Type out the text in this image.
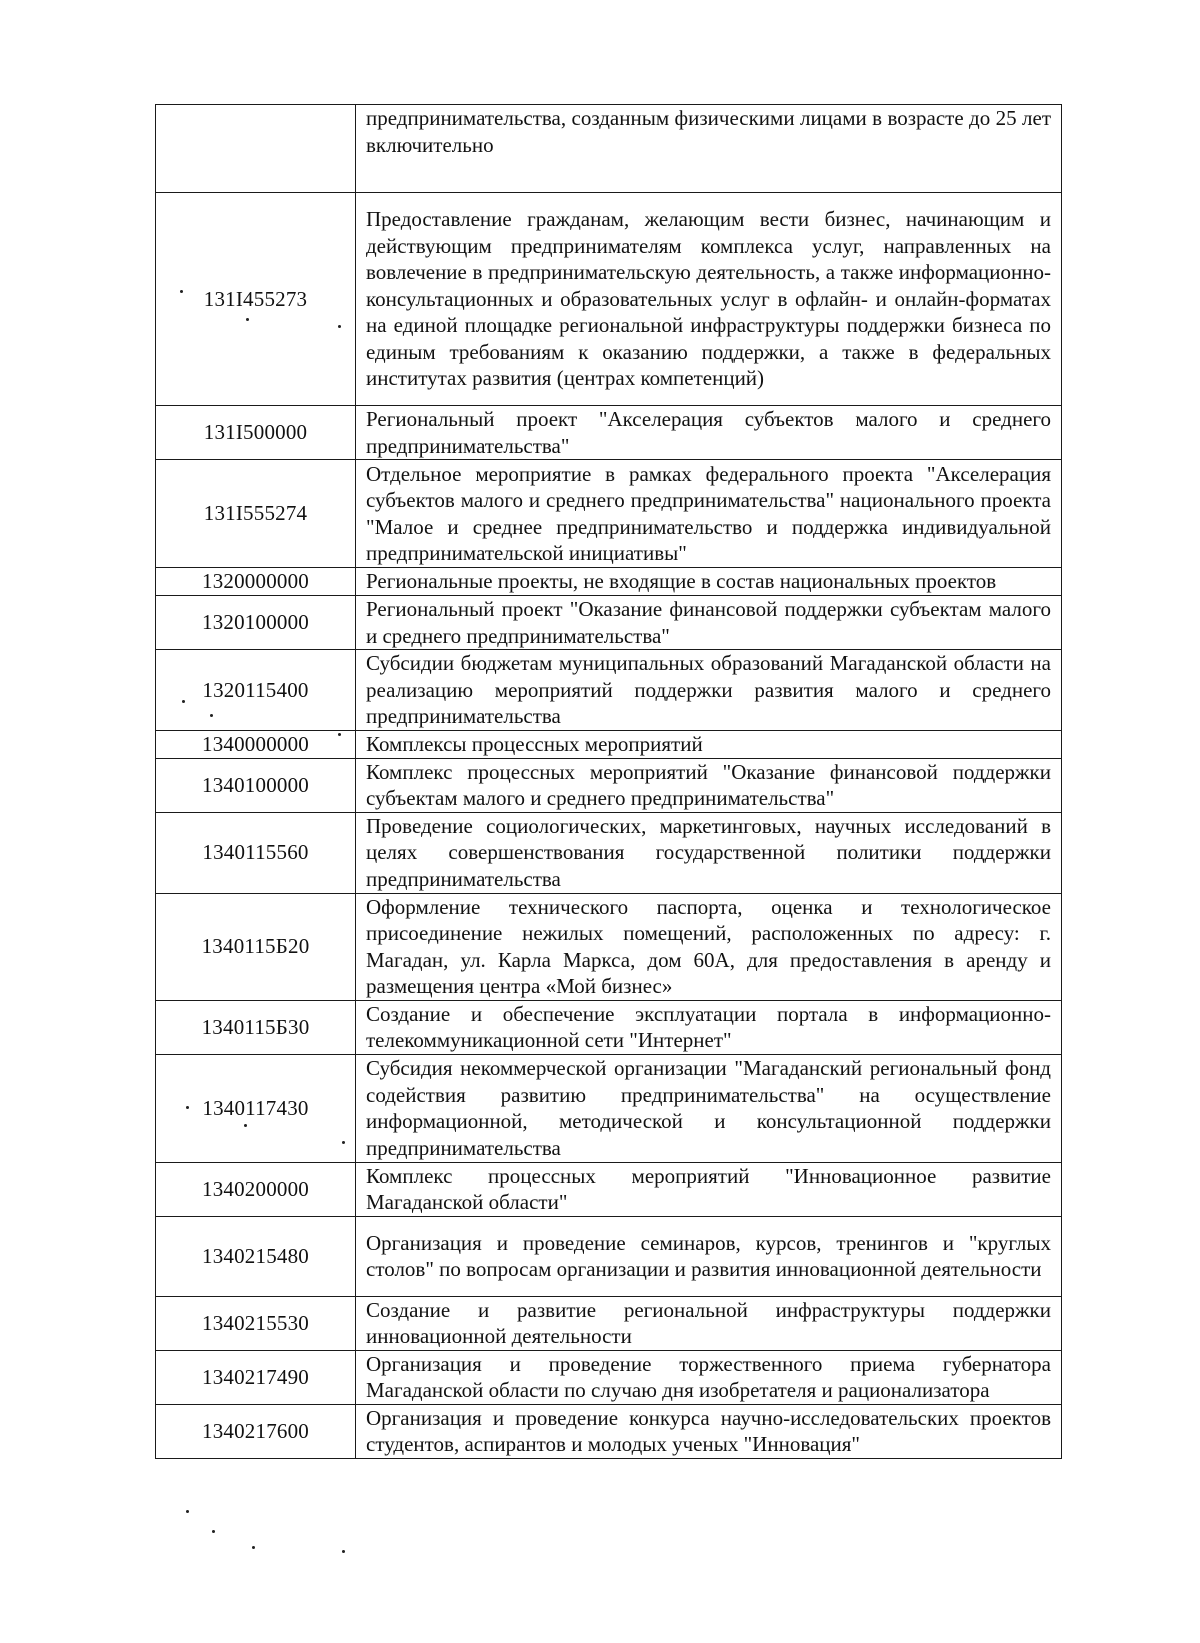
	предпринимательства, созданным физическими лицами в возрасте до 25 лет включительно
131I455273	Предоставление гражданам, желающим вести бизнес, начинающим и действующим предпринимателям комплекса услуг, направленных на вовлечение в предпринимательскую деятельность, а также информационно-консультационных и образовательных услуг в офлайн- и онлайн-форматах на единой площадке региональной инфраструктуры поддержки бизнеса по единым требованиям к оказанию поддержки, а также в федеральных институтах развития (центрах компетенций)
131I500000	Региональный проект "Акселерация субъектов малого и среднего предпринимательства"
131I555274	Отдельное мероприятие в рамках федерального проекта "Акселерация субъектов малого и среднего предпринимательства" национального проекта "Малое и среднее предпринимательство и поддержка индивидуальной предпринимательской инициативы"
1320000000	Региональные проекты, не входящие в состав национальных проектов
1320100000	Региональный проект "Оказание финансовой поддержки субъектам малого и среднего предпринимательства"
1320115400	Субсидии бюджетам муниципальных образований Магаданской области на реализацию мероприятий поддержки развития малого и среднего предпринимательства
1340000000	Комплексы процессных мероприятий
1340100000	Комплекс процессных мероприятий "Оказание финансовой поддержки субъектам малого и среднего предпринимательства"
1340115560	Проведение социологических, маркетинговых, научных исследований в целях совершенствования государственной политики поддержки предпринимательства
1340115Б20	Оформление технического паспорта, оценка и технологическое присоединение нежилых помещений, расположенных по адресу: г. Магадан, ул. Карла Маркса, дом 60А, для предоставления в аренду и размещения центра «Мой бизнес»
1340115Б30	Создание и обеспечение эксплуатации портала в информационно-телекоммуникационной сети "Интернет"
1340117430	Субсидия некоммерческой организации "Магаданский региональный фонд содействия развитию предпринимательства" на осуществление информационной, методической и консультационной поддержки предпринимательства
1340200000	Комплекс процессных мероприятий "Инновационное развитие Магаданской области"
1340215480	Организация и проведение семинаров, курсов, тренингов и "круглых столов" по вопросам организации и развития инновационной деятельности
1340215530	Создание и развитие региональной инфраструктуры поддержки инновационной деятельности
1340217490	Организация и проведение торжественного приема губернатора Магаданской области по случаю дня изобретателя и рационализатора
1340217600	Организация и проведение конкурса научно-исследовательских проектов студентов, аспирантов и молодых ученых "Инновация"
